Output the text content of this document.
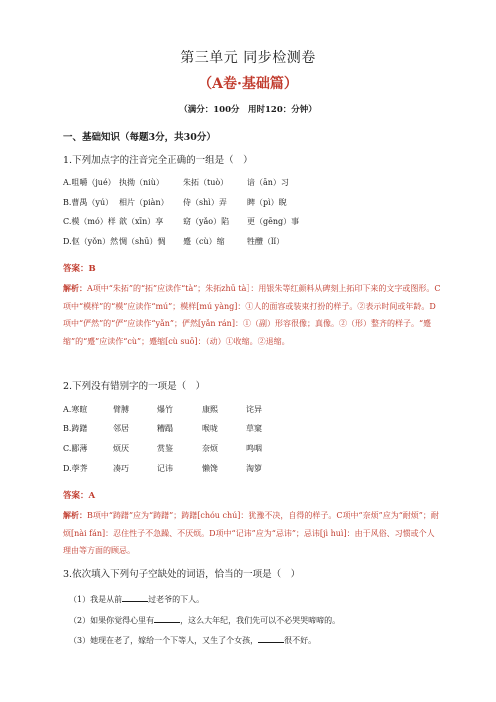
第三单元 同步检测卷
（A卷·基础篇）
（满分：100分　用时120：分钟）
一、基础知识（每题3分，共30分）
1.下列加点字的注音完全正确的一组是（　）
A.咀嚼（jué） 执拗（niù） 朱拓（tuò） 谙（ān）习
B.曹禺（yú） 相片（piàn） 侍（shì）弄	睥（pì）睨
C.模（mó）样 歆（xīn）享 窈（yǎo）陷 更（gēng）事
D.伛（yǒn）然 惆（shū）惆 蹙（cù）缩	牲醴（lǐ）
答案：B
解析：A项中“朱拓”的“拓”应读作“tà”；朱拓zhū tà］：用银朱等红颜料从碑刻上拓印下来的文字或图形。C项中“模样”的“模”应读作“mú”；模样[mú yàng]：①人的面容或装束打扮的样子。②表示时间或年龄。D项中“俨然”的“俨”应读作“yǎn”；俨然[yǎn rán]：①（副）形容很像；真像。②（形）整齐的样子。“蹙缩”的“蹙”应读作“cù”；蹙缩[cù suō]：（动）①收缩。②退缩。
2.下列没有错别字的一项是（　）
A.寒暄	臂膊	爆竹	康熙	诧异
B.踌躇	邻居	糟蹋	喉咙	草窠
C.郾薄	烦厌	赏鉴	奈烦	鸣咽
D.荸荠	凑巧	记讳	懒馋	淘箩
答案：A
解析：B项中“踌躇”应为“踌躇”；踌躇[chóu chú]：犹豫不决，自得的样子。C项中“奈烦”应为“耐烦”；耐烦[nài fán]：忍住性子不急躁、不厌烦。D项中“记讳”应为“忌讳”；忌讳[jì huì]：由于风俗、习惯或个人理由等方面的顾忌。
3.依次填入下列句子空缺处的词语，恰当的一项是（　）
（1）我是从前	过老爷的下人。
（2）如果你觉得心里有	，这么大年纪，我们先可以不必哭哭啼啼的。
（3）她现在老了，嫁给一个下等人，又生了个女孩，	很不好。
